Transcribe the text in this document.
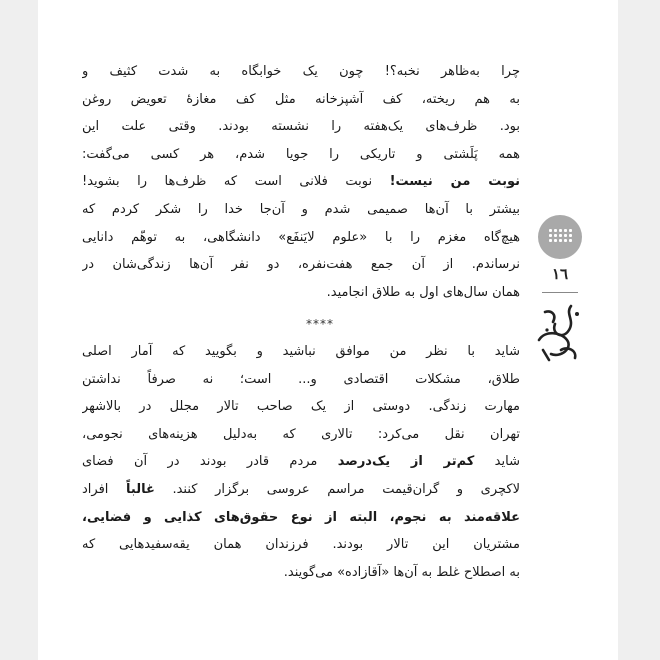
چرا به‌ظاهر نخبه؟! چون یک خوابگاه به شدت کثیف و
به هم ریخته، کف آشپزخانه مثل کف مغازۀ تعویض روغن
بود. ظرف‌های یک‌هفته را نشسته بودند. وقتی علت این
همه پَلَشتی و تاریکی را جویا شدم، هر کسی می‌گفت:
نوبت من نیست! نوبت فلانی است که ظرف‌ها را بشوید!
بیشتر با آن‌ها صمیمی شدم و آن‌جا خدا را شکر کردم که
هیچ‌گاه مغزم را با «علوم لایَنفَع» دانشگاهی، به توهّم دانایی
نرساندم. از آن جمع هفت‌نفره، دو نفر آن‌ها زندگی‌شان در
همان سال‌های اول به طلاق انجامید.
****
شاید با نظر من موافق نباشید و بگویید که آمار اصلی
طلاق، مشکلات اقتصادی و... است؛ نه صرفاً نداشتن
مهارت زندگی. دوستی از یک صاحب تالار مجلل در بالاشهر
تهران نقل می‌کرد: تالاری که به‌دلیل هزینه‌های نجومی،
شاید کم‌تر از یک‌درصد مردم قادر بودند در آن فضای
لاکچری و گران‌قیمت مراسم عروسی برگزار کنند. غالباً افراد
علاقه‌مند به نجوم، البته از نوع حقوق‌های کذایی و فضایی،
مشتریان این تالار بودند. فرزندان همان یقه‌سفیدهایی که
به اصطلاح غلط به آن‌ها «آقازاده» می‌گویند.
١٦
